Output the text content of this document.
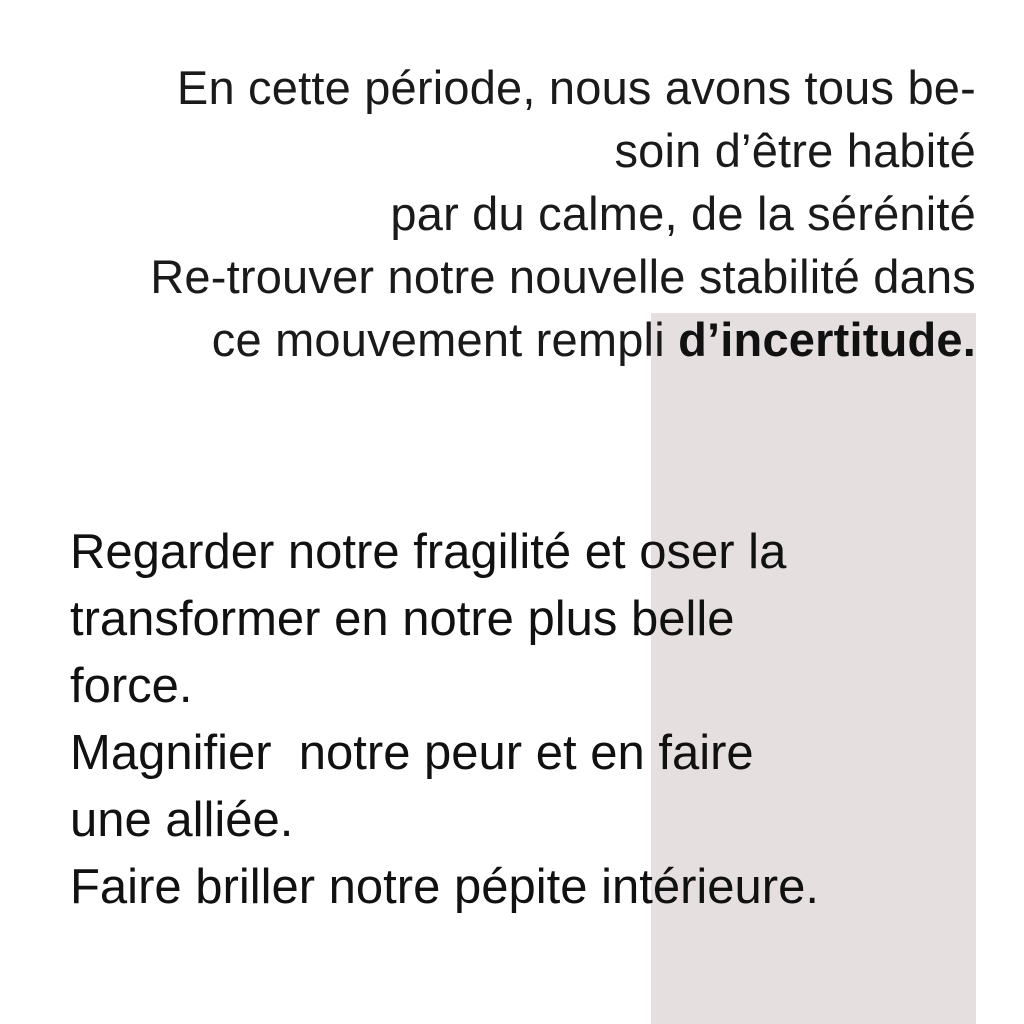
En cette période, nous avons tous be-
soin d’être habité
par du calme, de la sérénité
Re-trouver notre nouvelle stabilité dans
ce mouvement rempli d’incertitude.
Regarder notre fragilité et oser la
transformer en notre plus belle
force.
Magnifier  notre peur et en faire
une alliée.
Faire briller notre pépite intérieure.
